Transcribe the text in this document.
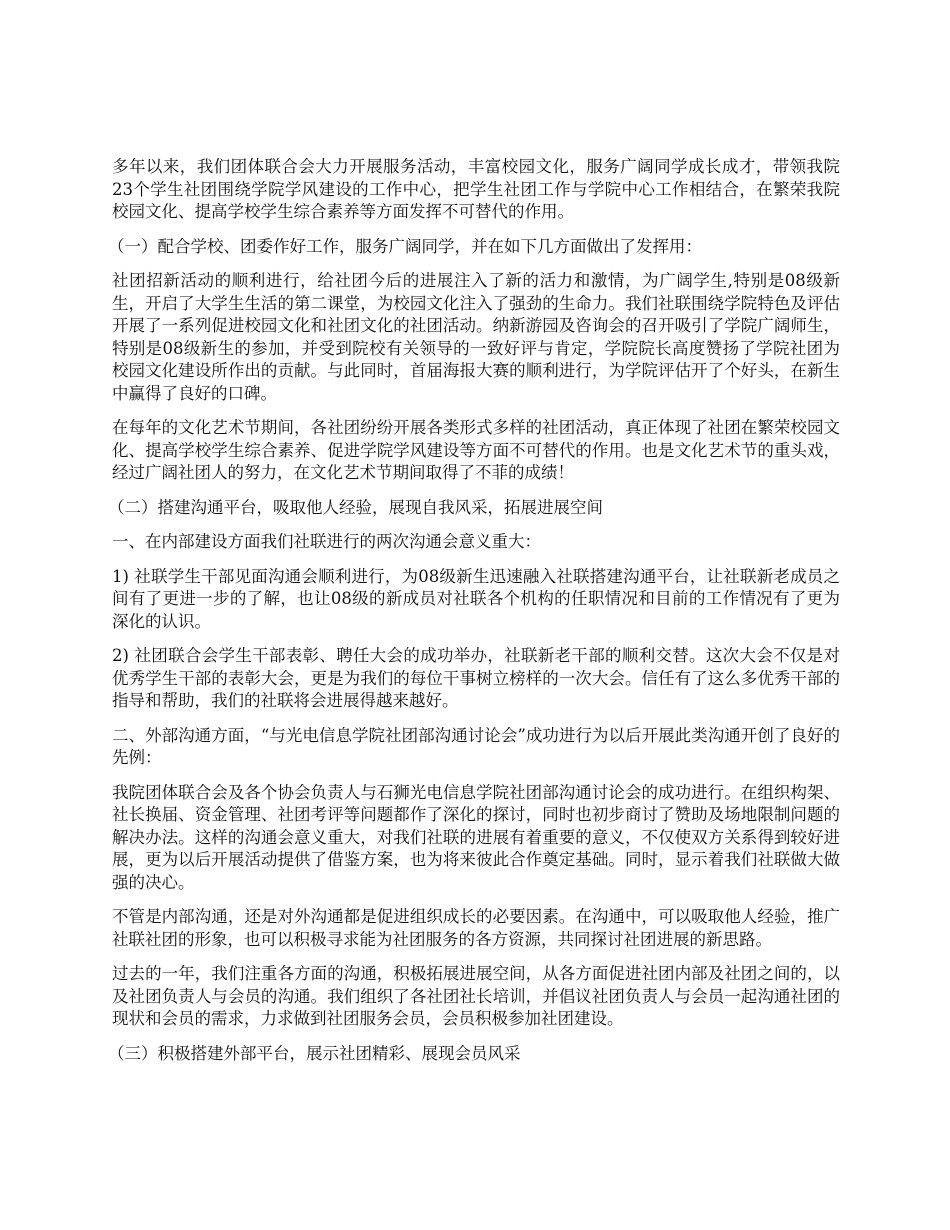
多年以来，我们团体联合会大力开展服务活动，丰富校园文化，服务广阔同学成长成才，带领我院23个学生社团围绕学院学风建设的工作中心，把学生社团工作与学院中心工作相结合，在繁荣我院校园文化、提高学校学生综合素养等方面发挥不可替代的作用。

（一）配合学校、团委作好工作，服务广阔同学，并在如下几方面做出了发挥用：

社团招新活动的顺利进行，给社团今后的进展注入了新的活力和激情，为广阔学生,特别是08级新生，开启了大学生生活的第二课堂，为校园文化注入了强劲的生命力。我们社联围绕学院特色及评估开展了一系列促进校园文化和社团文化的社团活动。纳新游园及咨询会的召开吸引了学院广阔师生，特别是08级新生的参加，并受到院校有关领导的一致好评与肯定，学院院长高度赞扬了学院社团为校园文化建设所作出的贡献。与此同时，首届海报大赛的顺利进行，为学院评估开了个好头，在新生中赢得了良好的口碑。

在每年的文化艺术节期间，各社团纷纷开展各类形式多样的社团活动，真正体现了社团在繁荣校园文化、提高学校学生综合素养、促进学院学风建设等方面不可替代的作用。也是文化艺术节的重头戏，经过广阔社团人的努力，在文化艺术节期间取得了不菲的成绩！

（二）搭建沟通平台，吸取他人经验，展现自我风采，拓展进展空间

一、在内部建设方面我们社联进行的两次沟通会意义重大：

1) 社联学生干部见面沟通会顺利进行，为08级新生迅速融入社联搭建沟通平台，让社联新老成员之间有了更进一步的了解，也让08级的新成员对社联各个机构的任职情况和目前的工作情况有了更为深化的认识。

2) 社团联合会学生干部表彰、聘任大会的成功举办，社联新老干部的顺利交替。这次大会不仅是对优秀学生干部的表彰大会，更是为我们的每位干事树立榜样的一次大会。信任有了这么多优秀干部的指导和帮助，我们的社联将会进展得越来越好。

二、外部沟通方面，“与光电信息学院社团部沟通讨论会”成功进行为以后开展此类沟通开创了良好的先例：

我院团体联合会及各个协会负责人与石狮光电信息学院社团部沟通讨论会的成功进行。在组织构架、社长换届、资金管理、社团考评等问题都作了深化的探讨，同时也初步商讨了赞助及场地限制问题的解决办法。这样的沟通会意义重大，对我们社联的进展有着重要的意义，不仅使双方关系得到较好进展，更为以后开展活动提供了借鉴方案，也为将来彼此合作奠定基础。同时，显示着我们社联做大做强的决心。

不管是内部沟通，还是对外沟通都是促进组织成长的必要因素。在沟通中，可以吸取他人经验，推广社联社团的形象，也可以积极寻求能为社团服务的各方资源，共同探讨社团进展的新思路。

过去的一年，我们注重各方面的沟通，积极拓展进展空间，从各方面促进社团内部及社团之间的，以及社团负责人与会员的沟通。我们组织了各社团社长培训，并倡议社团负责人与会员一起沟通社团的现状和会员的需求，力求做到社团服务会员，会员积极参加社团建设。

（三）积极搭建外部平台，展示社团精彩、展现会员风采
